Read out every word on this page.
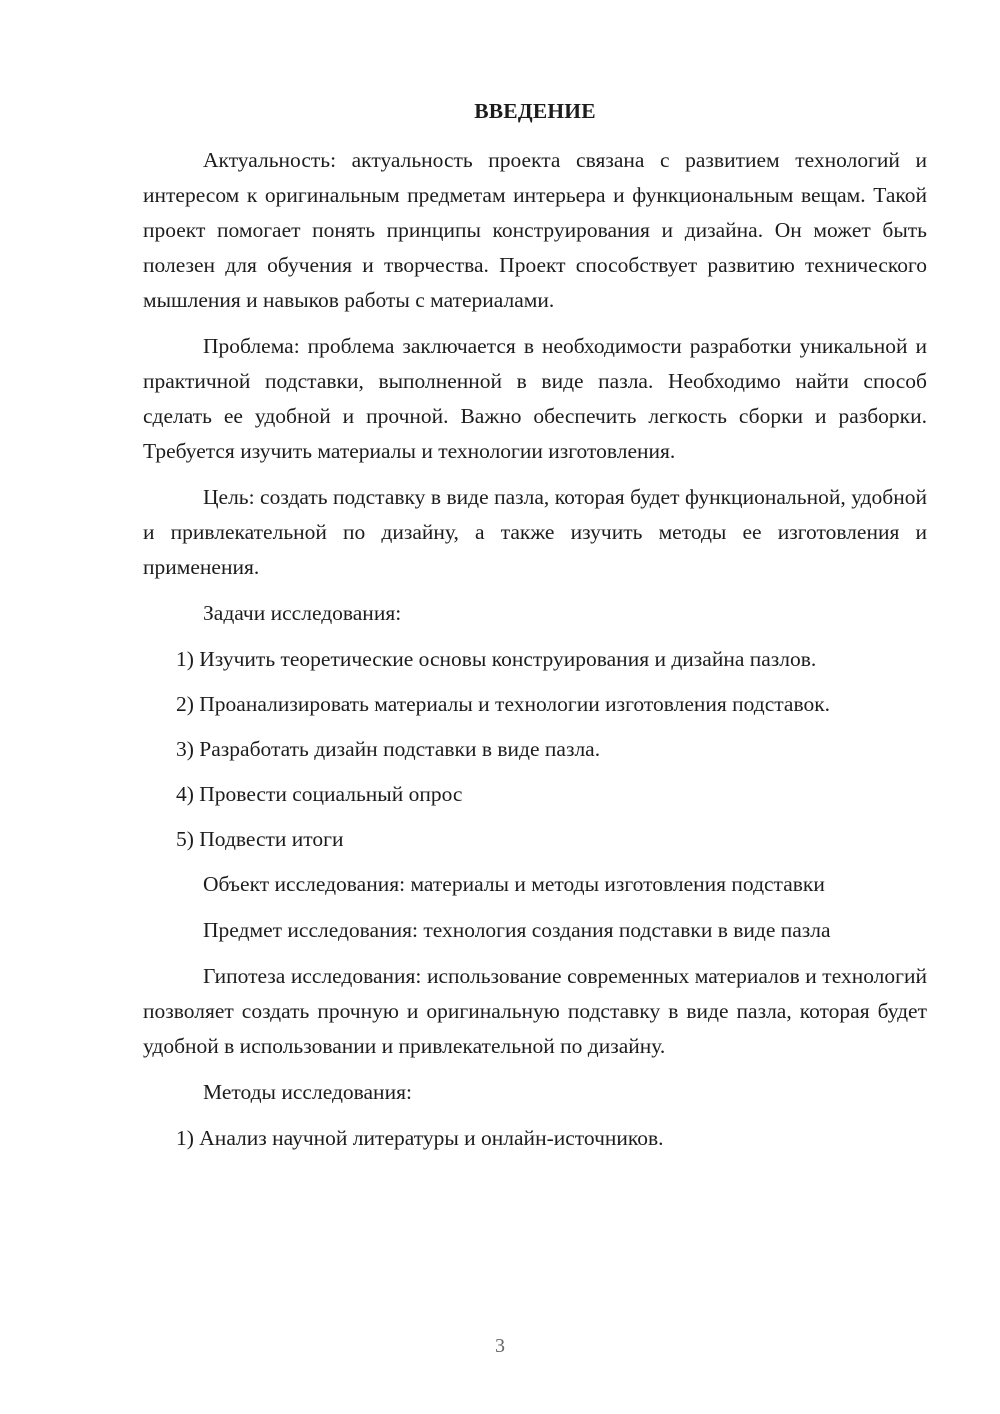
ВВЕДЕНИЕ

Актуальность: актуальность проекта связана с развитием технологий и интересом к оригинальным предметам интерьера и функциональным вещам. Такой проект помогает понять принципы конструирования и дизайна. Он может быть полезен для обучения и творчества. Проект способствует развитию технического мышления и навыков работы с материалами.

Проблема: проблема заключается в необходимости разработки уникальной и практичной подставки, выполненной в виде пазла. Необходимо найти способ сделать ее удобной и прочной. Важно обеспечить легкость сборки и разборки. Требуется изучить материалы и технологии изготовления.

Цель: создать подставку в виде пазла, которая будет функциональной, удобной и привлекательной по дизайну, а также изучить методы ее изготовления и применения.

Задачи исследования:

1) Изучить теоретические основы конструирования и дизайна пазлов.

2) Проанализировать материалы и технологии изготовления подставок.

3) Разработать дизайн подставки в виде пазла.

4) Провести социальный опрос

5) Подвести итоги

Объект исследования: материалы и методы изготовления подставки

Предмет исследования: технология создания подставки в виде пазла

Гипотеза исследования: использование современных материалов и технологий позволяет создать прочную и оригинальную подставку в виде пазла, которая будет удобной в использовании и привлекательной по дизайну.

Методы исследования:

1) Анализ научной литературы и онлайн-источников.

3
